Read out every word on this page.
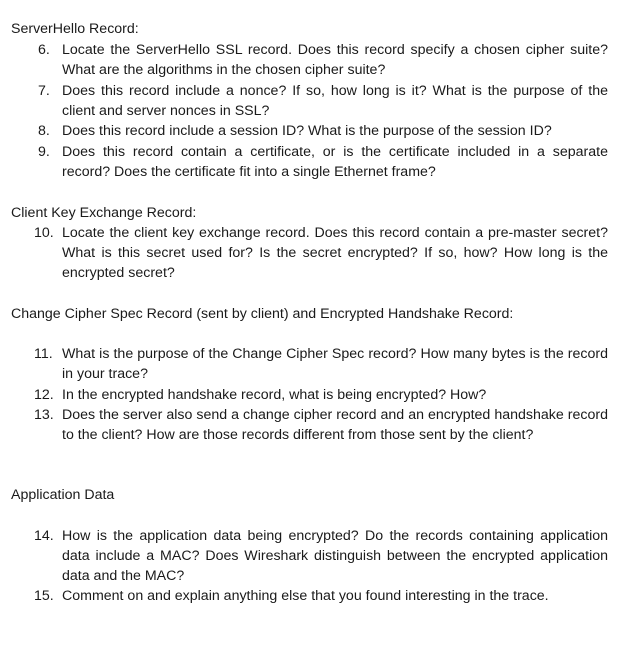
ServerHello Record:
6. Locate the ServerHello SSL record. Does this record specify a chosen cipher suite? What are the algorithms in the chosen cipher suite?
7. Does this record include a nonce? If so, how long is it? What is the purpose of the client and server nonces in SSL?
8. Does this record include a session ID? What is the purpose of the session ID?
9. Does this record contain a certificate, or is the certificate included in a separate record? Does the certificate fit into a single Ethernet frame?
Client Key Exchange Record:
10. Locate the client key exchange record. Does this record contain a pre-master secret? What is this secret used for? Is the secret encrypted? If so, how? How long is the encrypted secret?
Change Cipher Spec Record (sent by client) and Encrypted Handshake Record:
11. What is the purpose of the Change Cipher Spec record? How many bytes is the record in your trace?
12. In the encrypted handshake record, what is being encrypted? How?
13. Does the server also send a change cipher record and an encrypted handshake record to the client? How are those records different from those sent by the client?
Application Data
14. How is the application data being encrypted? Do the records containing application data include a MAC? Does Wireshark distinguish between the encrypted application data and the MAC?
15. Comment on and explain anything else that you found interesting in the trace.
